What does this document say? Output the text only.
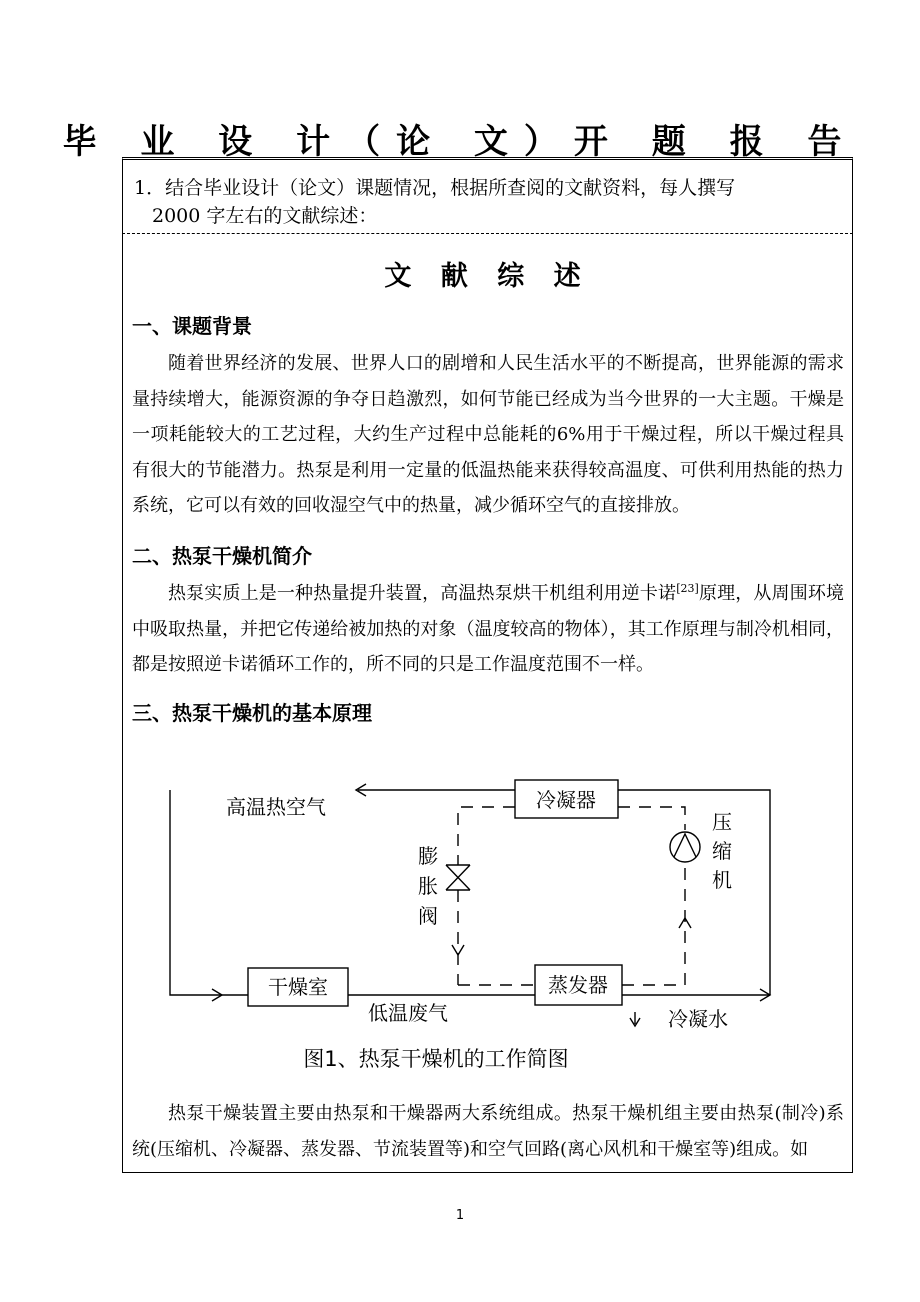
毕 业 设 计（论 文）开 题 报 告
1．结合毕业设计（论文）课题情况，根据所查阅的文献资料，每人撰写
2000 字左右的文献综述：
文 献 综 述
一、课题背景
随着世界经济的发展、世界人口的剧增和人民生活水平的不断提高，世界能源的需求量持续增大，能源资源的争夺日趋激烈，如何节能已经成为当今世界的一大主题。干燥是一项耗能较大的工艺过程，大约生产过程中总能耗的6%用于干燥过程，所以干燥过程具有很大的节能潜力。热泵是利用一定量的低温热能来获得较高温度、可供利用热能的热力系统，它可以有效的回收湿空气中的热量，减少循环空气的直接排放。
二、热泵干燥机简介
热泵实质上是一种热量提升装置，高温热泵烘干机组利用逆卡诺[23]原理，从周围环境中吸取热量，并把它传递给被加热的对象（温度较高的物体），其工作原理与制冷机相同，都是按照逆卡诺循环工作的，所不同的只是工作温度范围不一样。
三、热泵干燥机的基本原理
冷凝器
干燥室	蒸发器
高温热空气
低温废气	冷凝水
膨
胀
阀
压
缩
机
图1、热泵干燥机的工作简图
热泵干燥装置主要由热泵和干燥器两大系统组成。热泵干燥机组主要由热泵(制冷)系统(压缩机、冷凝器、蒸发器、节流装置等)和空气回路(离心风机和干燥室等)组成。如
1
